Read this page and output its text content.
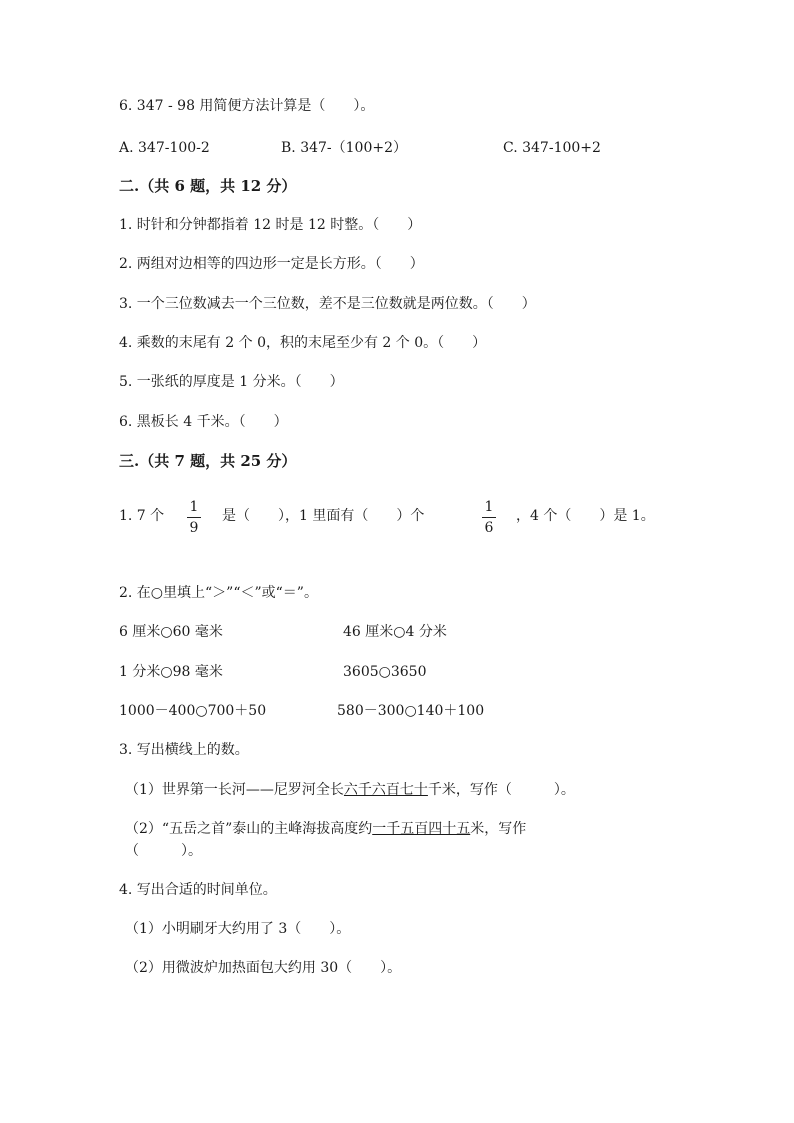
6. 347 - 98 用简便方法计算是（　　）。
A. 347-100-2	B. 347-（100+2）	C. 347-100+2
二.（共 6 题，共 12 分）
1. 时针和分钟都指着 12 时是 12 时整。（　　）
2. 两组对边相等的四边形一定是长方形。（　　）
3. 一个三位数减去一个三位数，差不是三位数就是两位数。（　　）
4. 乘数的末尾有 2 个 0，积的末尾至少有 2 个 0。（　　）
5. 一张纸的厚度是 1 分米。（　　）
6. 黑板长 4 千米。（　　）
三.（共 7 题，共 25 分）
1. 7 个
1
9
是（　　），1 里面有（　　）个
1
6
，4 个（　　）是 1。
2. 在○里填上“＞”“＜”或“＝”。
6 厘米○60 毫米	46 厘米○4 分米
1 分米○98 毫米	3605○3650
1000－400○700＋50	580－300○140＋100
3. 写出横线上的数。
（1）世界第一长河——尼罗河全长六千六百七十千米，写作（　　　）。
（2）“五岳之首”泰山的主峰海拔高度约一千五百四十五米，写作
（　　　）。
4. 写出合适的时间单位。
（1）小明刷牙大约用了 3（　　）。
（2）用微波炉加热面包大约用 30（　　）。
